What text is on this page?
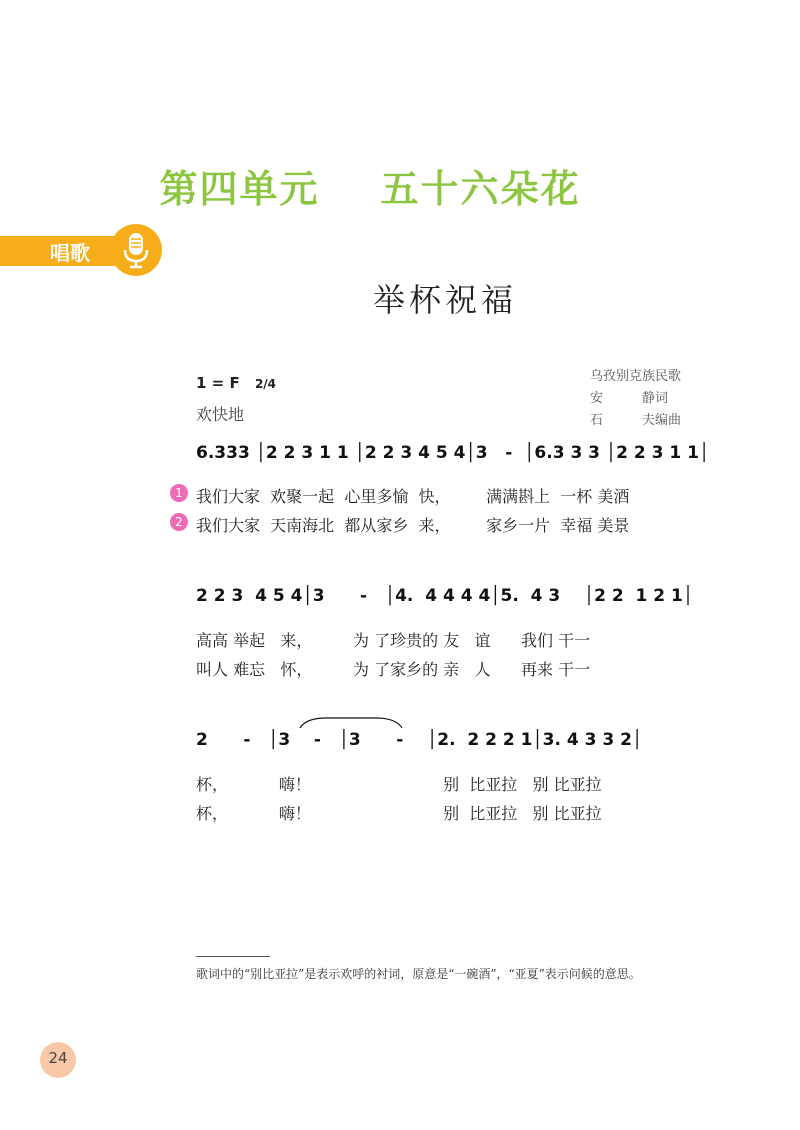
第四单元    五十六朵花
唱歌
举杯祝福
1 = F 2/4
欢快地
乌孜别克族民歌
安　　　静词
石　　　夫编曲
6.333 │2 2 3 1 1 │2 2 3 4 5 4│3   -  │6.3 3 3 │2 2 3 1 1│
1 我们大家  欢聚一起  心里多愉  快，       满满斟上  一杯 美酒
2 我们大家  天南海北  都从家乡  来，       家乡一片  幸福 美景
2 2 3  4 5 4│3      -   │4.  4 4 4 4│5.  4 3    │2 2  1 2 1│
高高 举起   来，        为 了珍贵的 友   谊      我们 干一
叫人 难忘   怀，        为 了家乡的 亲   人      再来 干一
2      -   │3    -   │3      -    │2.  2 2 2 1│3. 4 3 3 2│
杯，          嗨！                          别  比亚拉   别 比亚拉
杯，          嗨！                          别  比亚拉   别 比亚拉
歌词中的“别比亚拉”是表示欢呼的衬词，原意是“一碗酒”，“亚夏”表示问候的意思。
24
